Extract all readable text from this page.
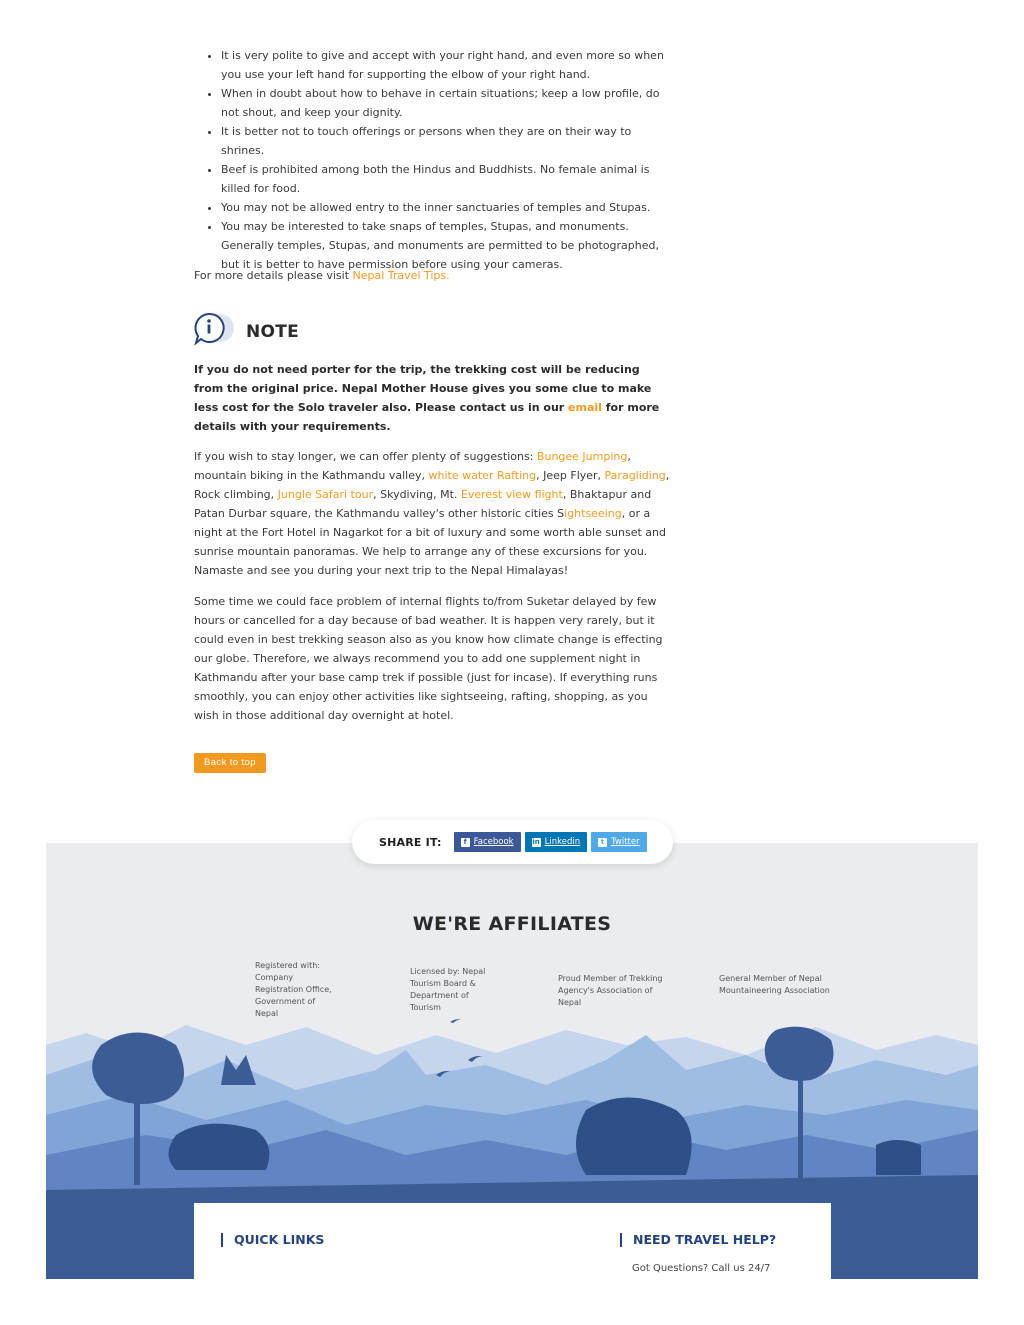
• It is very polite to give and accept with your right hand, and even more so when you use your left hand for supporting the elbow of your right hand.
• When in doubt about how to behave in certain situations; keep a low profile, do not shout, and keep your dignity.
• It is better not to touch offerings or persons when they are on their way to shrines.
• Beef is prohibited among both the Hindus and Buddhists. No female animal is killed for food.
• You may not be allowed entry to the inner sanctuaries of temples and Stupas.
• You may be interested to take snaps of temples, Stupas, and monuments. Generally temples, Stupas, and monuments are permitted to be photographed, but it is better to have permission before using your cameras.

For more details please visit Nepal Travel Tips.

NOTE

If you do not need porter for the trip, the trekking cost will be reducing from the original price. Nepal Mother House gives you some clue to make less cost for the Solo traveler also. Please contact us in our email for more details with your requirements.

If you wish to stay longer, we can offer plenty of suggestions: Bungee Jumping, mountain biking in the Kathmandu valley, white water Rafting, Jeep Flyer, Paragliding, Rock climbing, Jungle Safari tour, Skydiving, Mt. Everest view flight, Bhaktapur and Patan Durbar square, the Kathmandu valley's other historic cities Sightseeing, or a night at the Fort Hotel in Nagarkot for a bit of luxury and some worth able sunset and sunrise mountain panoramas. We help to arrange any of these excursions for you. Namaste and see you during your next trip to the Nepal Himalayas!

Some time we could face problem of internal flights to/from Suketar delayed by few hours or cancelled for a day because of bad weather. It is happen very rarely, but it could even in best trekking season also as you know how climate change is effecting our globe. Therefore, we always recommend you to add one supplement night in Kathmandu after your base camp trek if possible (just for incase). If everything runs smoothly, you can enjoy other activities like sightseeing, rafting, shopping, as you wish in those additional day overnight at hotel.

Back to top
SHARE IT:	f Facebook	in Linkedin	t Twitter
WE'RE AFFILIATES
Registered with: Company Registration Office, Government of Nepal
Licensed by: Nepal Tourism Board & Department of Tourism
Proud Member of Trekking Agency's Association of Nepal
General Member of Nepal Mountaineering Association
QUICK LINKS	NEED TRAVEL HELP?
Got Questions? Call us 24/7
